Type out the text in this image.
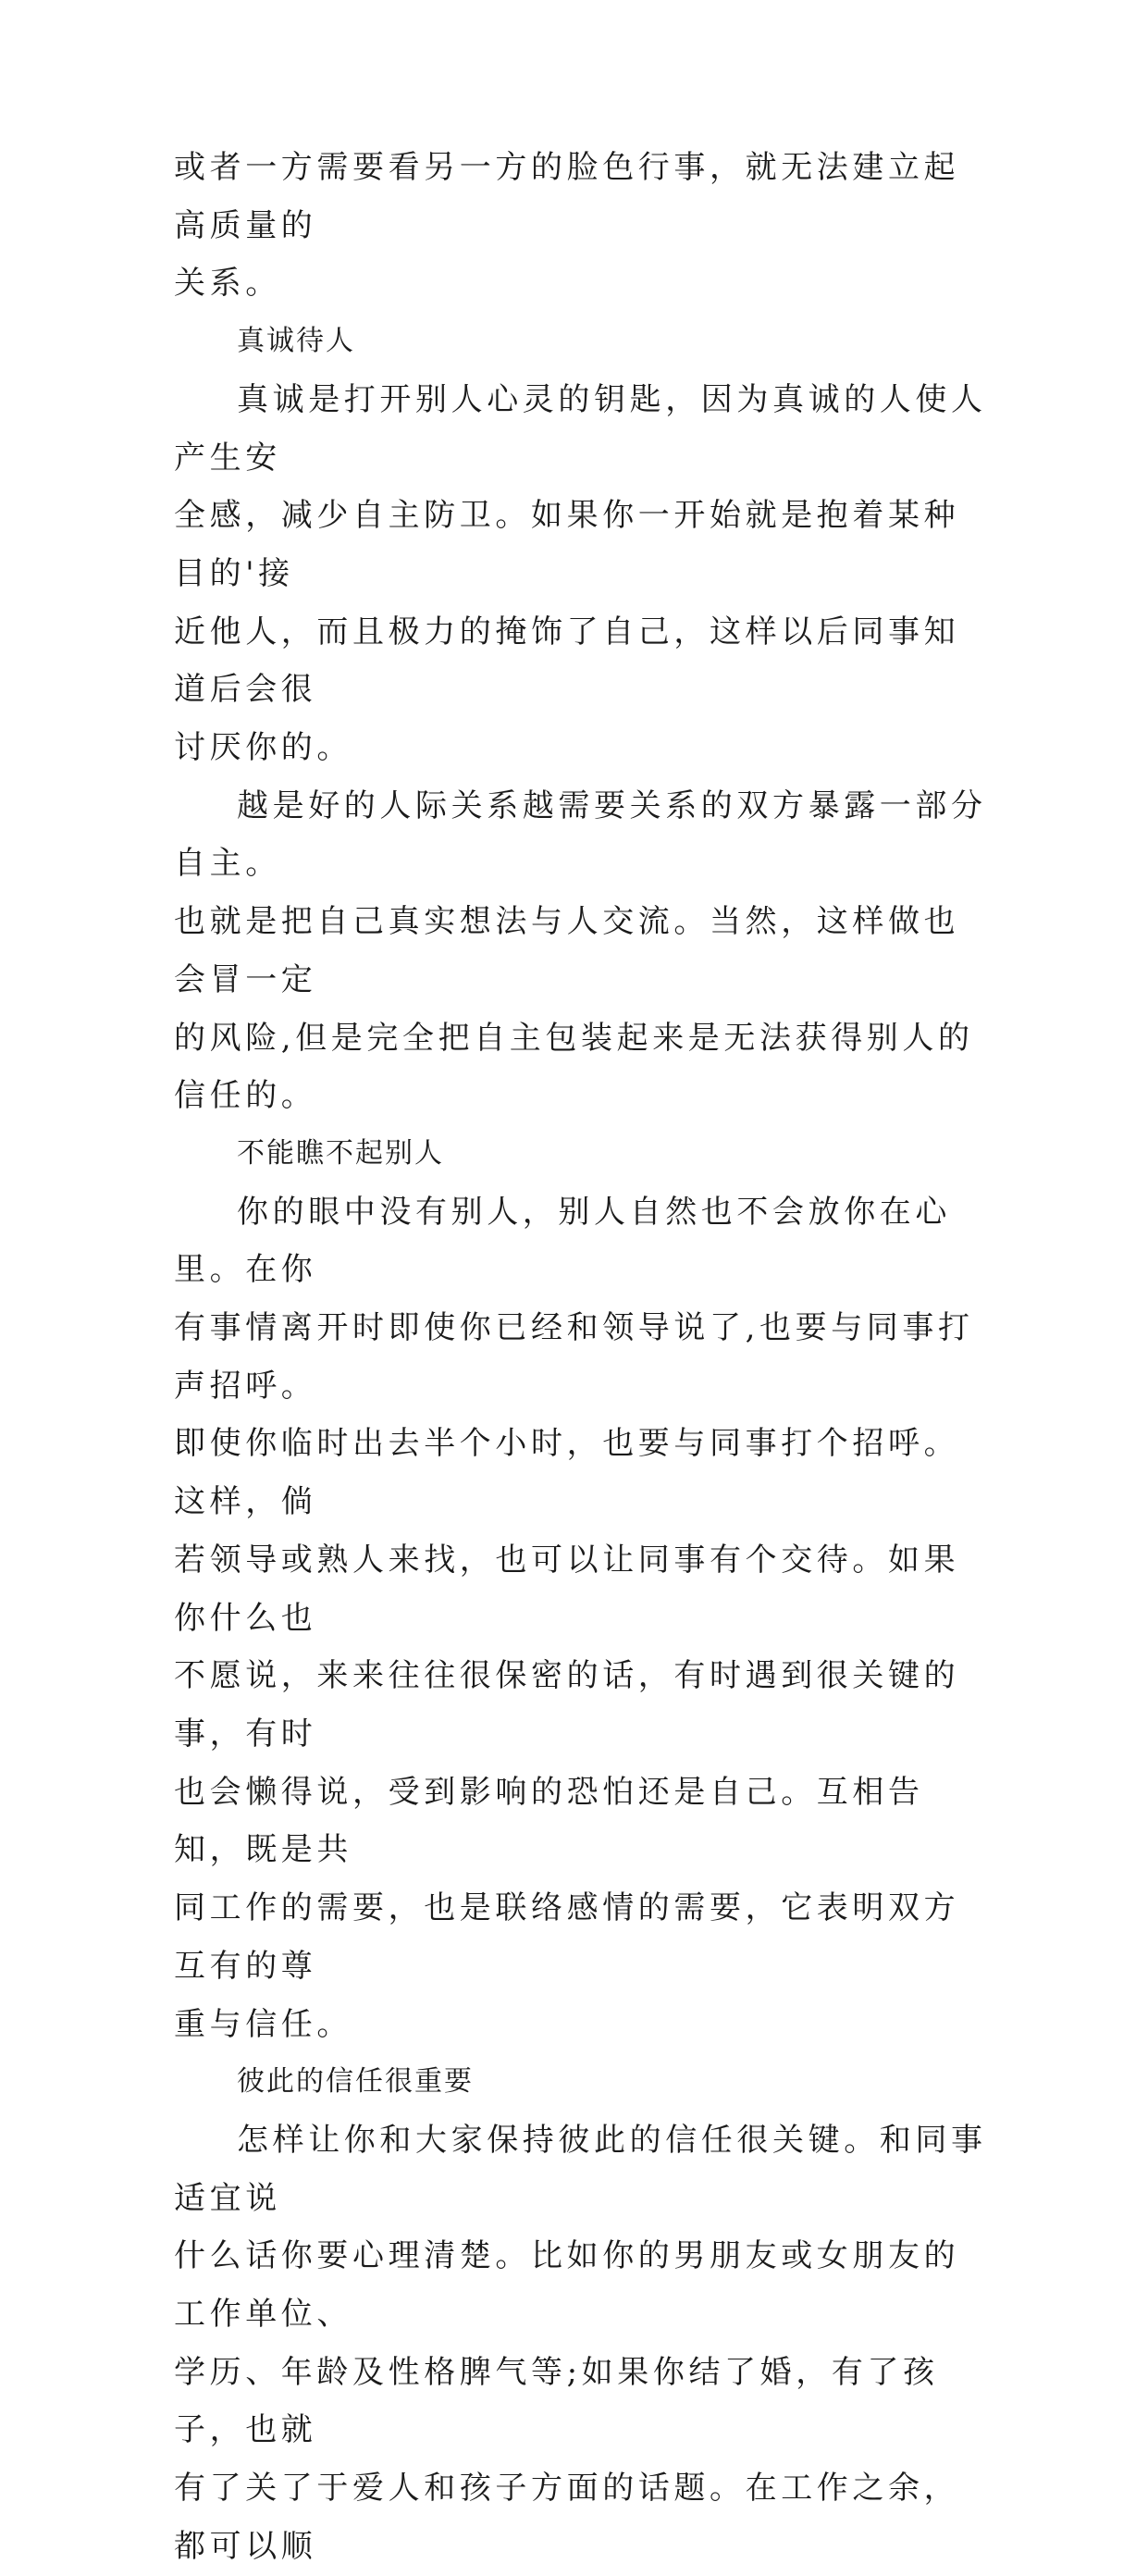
或者一方需要看另一方的脸色行事，就无法建立起高质量的
关系。

真诚待人

真诚是打开别人心灵的钥匙，因为真诚的人使人产生安
全感，减少自主防卫。如果你一开始就是抱着某种目的'接
近他人，而且极力的掩饰了自己，这样以后同事知道后会很
讨厌你的。

越是好的人际关系越需要关系的双方暴露一部分自主。
也就是把自己真实想法与人交流。当然，这样做也会冒一定
的风险,但是完全把自主包装起来是无法获得别人的信任的。

不能瞧不起别人

你的眼中没有别人，别人自然也不会放你在心里。在你
有事情离开时即使你已经和领导说了,也要与同事打声招呼。
即使你临时出去半个小时，也要与同事打个招呼。这样，倘
若领导或熟人来找，也可以让同事有个交待。如果你什么也
不愿说，来来往往很保密的话，有时遇到很关键的事，有时
也会懒得说，受到影响的恐怕还是自己。互相告知，既是共
同工作的需要，也是联络感情的需要，它表明双方互有的尊
重与信任。

彼此的信任很重要

怎样让你和大家保持彼此的信任很关键。和同事适宜说
什么话你要心理清楚。比如你的男朋友或女朋友的工作单位、
学历、年龄及性格脾气等;如果你结了婚，有了孩子，也就
有了关了于爱人和孩子方面的话题。在工作之余，都可以顺
